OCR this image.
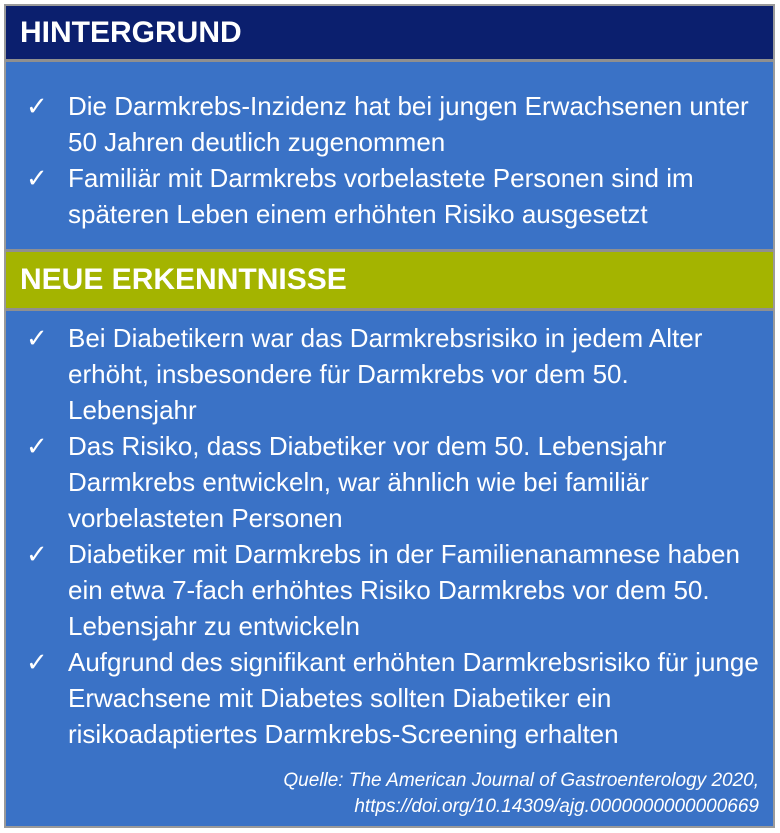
HINTERGRUND
✓ Die Darmkrebs-Inzidenz hat bei jungen Erwachsenen unter 50 Jahren deutlich zugenommen
✓ Familiär mit Darmkrebs vorbelastete Personen sind im späteren Leben einem erhöhten Risiko ausgesetzt
NEUE ERKENNTNISSE
✓ Bei Diabetikern war das Darmkrebsrisiko in jedem Alter erhöht, insbesondere für Darmkrebs vor dem 50. Lebensjahr
✓ Das Risiko, dass Diabetiker vor dem 50. Lebensjahr Darmkrebs entwickeln, war ähnlich wie bei familiär vorbelasteten Personen
✓ Diabetiker mit Darmkrebs in der Familienanamnese haben ein etwa 7-fach erhöhtes Risiko Darmkrebs vor dem 50. Lebensjahr zu entwickeln
✓ Aufgrund des signifikant erhöhten Darmkrebsrisiko für junge Erwachsene mit Diabetes sollten Diabetiker ein risikoadaptiertes Darmkrebs-Screening erhalten
Quelle: The American Journal of Gastroenterology 2020,
https://doi.org/10.14309/ajg.0000000000000669
